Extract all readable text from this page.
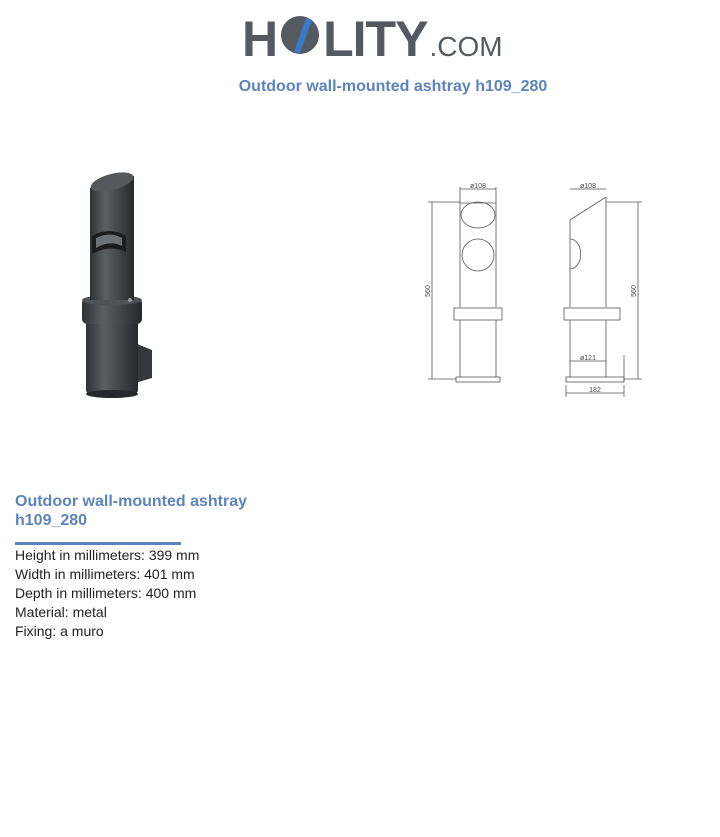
H LITY .COM
Outdoor wall-mounted ashtray h109_280
ø108	ø108
560	560
ø121
182
Outdoor wall-mounted ashtray h109_280
Height in millimeters: 399 mm
Width in millimeters: 401 mm
Depth in millimeters: 400 mm
Material: metal
Fixing: a muro
